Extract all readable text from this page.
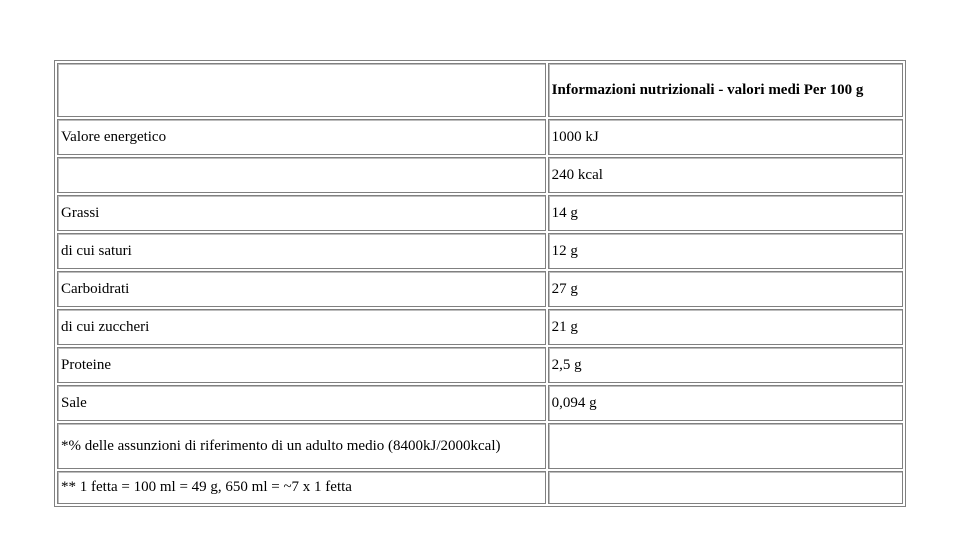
	Informazioni nutrizionali - valori medi Per 100 g
Valore energetico	1000 kJ
	240 kcal
Grassi	14 g
di cui saturi	12 g
Carboidrati	27 g
di cui zuccheri	21 g
Proteine	2,5 g
Sale	0,094 g
*% delle assunzioni di riferimento di un adulto medio (8400kJ/2000kcal)	
** 1 fetta = 100 ml = 49 g, 650 ml = ~7 x 1 fetta	
